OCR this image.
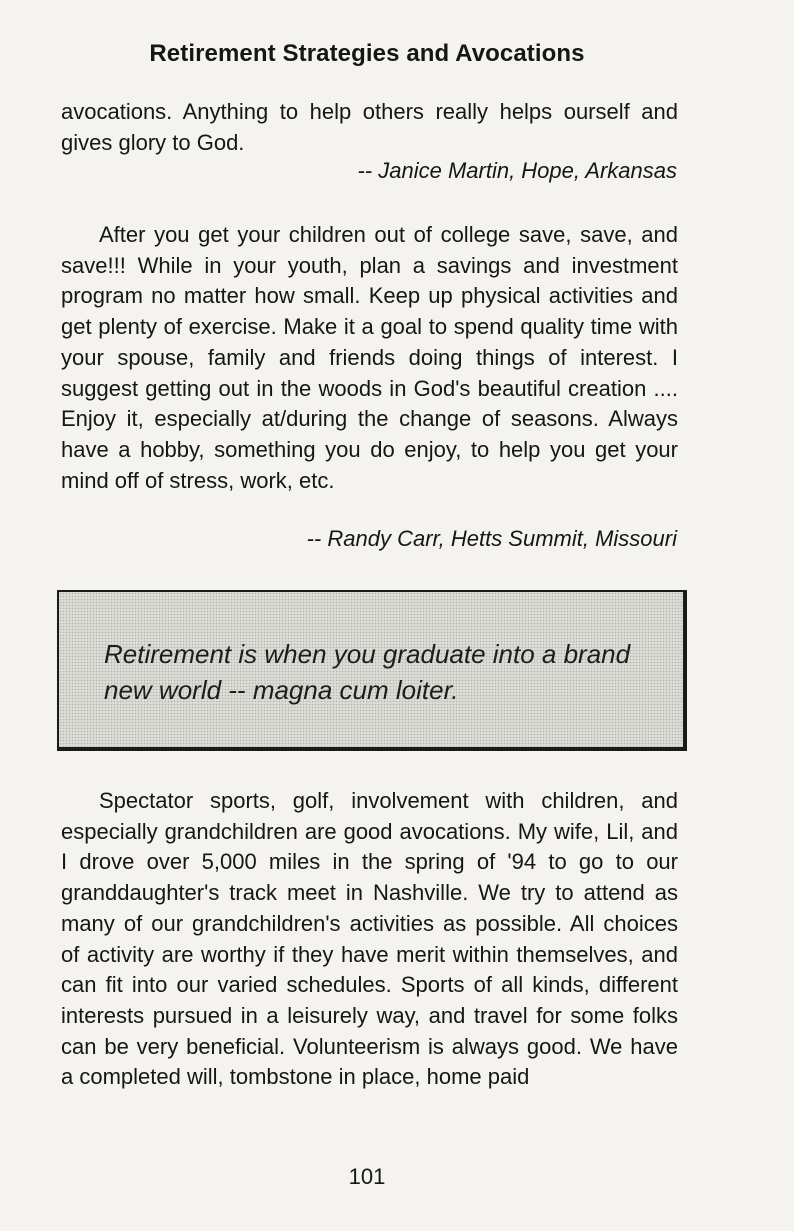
Retirement Strategies and Avocations

avocations. Anything to help others really helps ourself and gives glory to God.

-- Janice Martin, Hope, Arkansas

After you get your children out of college save, save, and save!!! While in your youth, plan a savings and investment program no matter how small. Keep up physical activities and get plenty of exercise. Make it a goal to spend quality time with your spouse, family and friends doing things of interest. I suggest getting out in the woods in God's beautiful creation .... Enjoy it, especially at/during the change of seasons. Always have a hobby, something you do enjoy, to help you get your mind off of stress, work, etc.

-- Randy Carr, Hetts Summit, Missouri
Retirement is when you graduate into a brand new world -- magna cum loiter.

Spectator sports, golf, involvement with children, and especially grandchildren are good avocations. My wife, Lil, and I drove over 5,000 miles in the spring of '94 to go to our granddaughter's track meet in Nashville. We try to attend as many of our grandchildren's activities as possible. All choices of activity are worthy if they have merit within themselves, and can fit into our varied schedules. Sports of all kinds, different interests pursued in a leisurely way, and travel for some folks can be very beneficial. Volunteerism is always good. We have a completed will, tombstone in place, home paid

101
